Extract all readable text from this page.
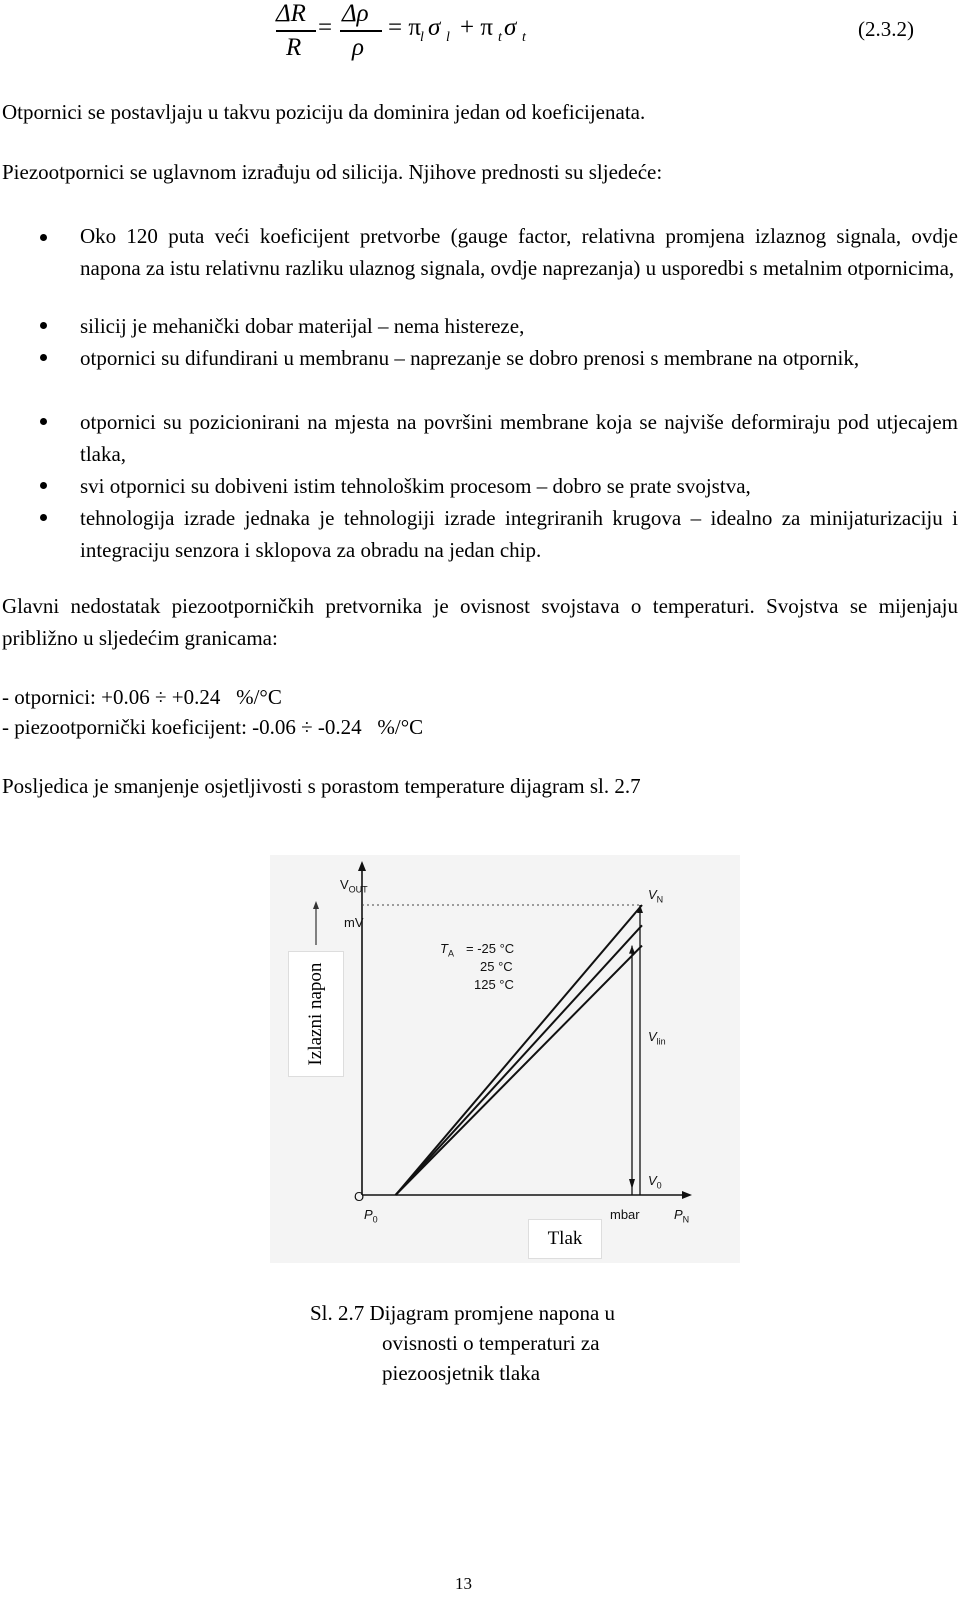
ΔR
R
=
Δρ
ρ
= π l σ l + π t σ t	(2.3.2)
Otpornici se postavljaju u takvu poziciju da dominira jedan od koeficijenata.
Piezootpornici se uglavnom izrađuju od silicija. Njihove prednosti su sljedeće:
Oko 120 puta veći koeficijent pretvorbe (gauge factor, relativna promjena izlaznog signala, ovdje napona za istu relativnu razliku ulaznog signala, ovdje naprezanja) u usporedbi s metalnim otpornicima,
silicij je mehanički dobar materijal – nema histereze,
otpornici su difundirani u membranu – naprezanje se dobro prenosi s membrane na otpornik,
otpornici su pozicionirani na mjesta na površini membrane koja se najviše deformiraju pod utjecajem tlaka,
svi otpornici su dobiveni istim tehnološkim procesom – dobro se prate svojstva,
tehnologija izrade jednaka je tehnologiji izrade integriranih krugova – idealno za minijaturizaciju i integraciju senzora i sklopova za obradu na jedan chip.
Glavni nedostatak piezootporničkih pretvornika je ovisnost svojstava o temperaturi. Svojstva se mijenjaju približno u sljedećim granicama:
- otpornici: +0.06 ÷ +0.24   %/°C
- piezootpornički koeficijent: -0.06 ÷ -0.24   %/°C
Posljedica je smanjenje osjetljivosti s porastom temperature dijagram sl. 2.7
$V_{OUT}$
mV
O
$P_0$	mbar	$P_N$
$V_N$
$V_{lin}$
$V_0$
$T_A = -25$ °C
25 °C
125 °C
Izlazni napon
Tlak
Sl. 2.7 Dijagram promjene napona u
ovisnosti o temperaturi za
piezoosjetnik tlaka
13
